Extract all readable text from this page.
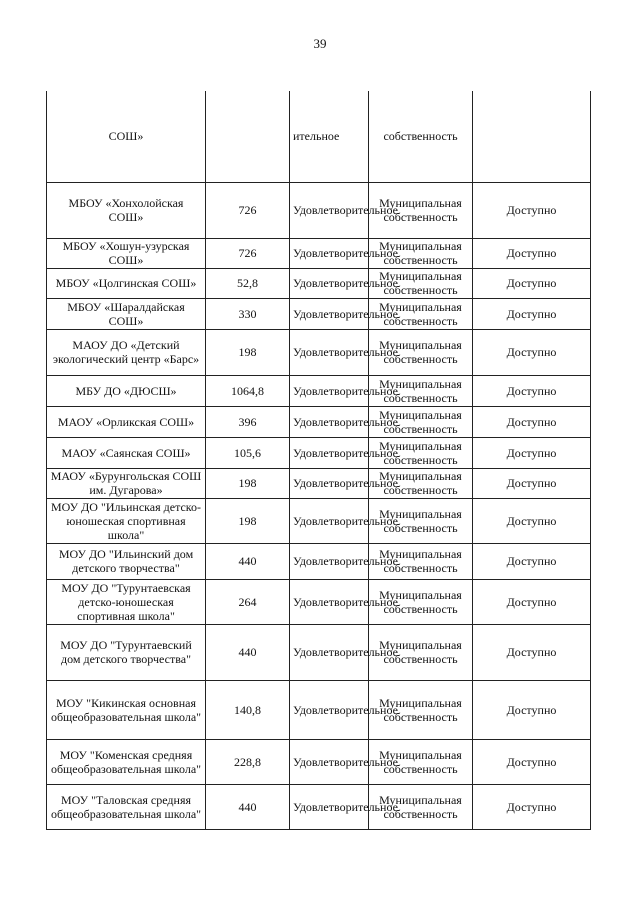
39
СОШ»		ительное	собственность	
МБОУ «Хонхолойская СОШ»	726	Удовлетворительное	Муниципальная собственность	Доступно
МБОУ «Хошун-узурская СОШ»	726	Удовлетворительное	Муниципальная собственность	Доступно
МБОУ «Цолгинская СОШ»	52,8	Удовлетворительное	Муниципальная собственность	Доступно
МБОУ «Шаралдайская СОШ»	330	Удовлетворительное	Муниципальная собственность	Доступно
МАОУ ДО «Детский экологический центр «Барс»	198	Удовлетворительное	Муниципальная собственность	Доступно
МБУ ДО «ДЮСШ»	1064,8	Удовлетворительное	Муниципальная собственность	Доступно
МАОУ «Орликская СОШ»	396	Удовлетворительное	Муниципальная собственность	Доступно
МАОУ «Саянская СОШ»	105,6	Удовлетворительное	Муниципальная собственность	Доступно
МАОУ «Бурунгольская СОШ им. Дугарова»	198	Удовлетворительное	Муниципальная собственность	Доступно
МОУ ДО "Ильинская детско-юношеская спортивная школа"	198	Удовлетворительное	Муниципальная собственность	Доступно
МОУ ДО "Ильинский дом детского творчества"	440	Удовлетворительное	Муниципальная собственность	Доступно
МОУ ДО "Турунтаевская детско-юношеская спортивная школа"	264	Удовлетворительное	Муниципальная собственность	Доступно
МОУ ДО "Турунтаевский дом детского творчества"	440	Удовлетворительное	Муниципальная собственность	Доступно
МОУ "Кикинская основная общеобразовательная школа"	140,8	Удовлетворительное	Муниципальная собственность	Доступно
МОУ "Коменская средняя общеобразовательная школа"	228,8	Удовлетворительное	Муниципальная собственность	Доступно
МОУ "Таловская средняя общеобразовательная школа"	440	Удовлетворительное	Муниципальная собственность	Доступно
